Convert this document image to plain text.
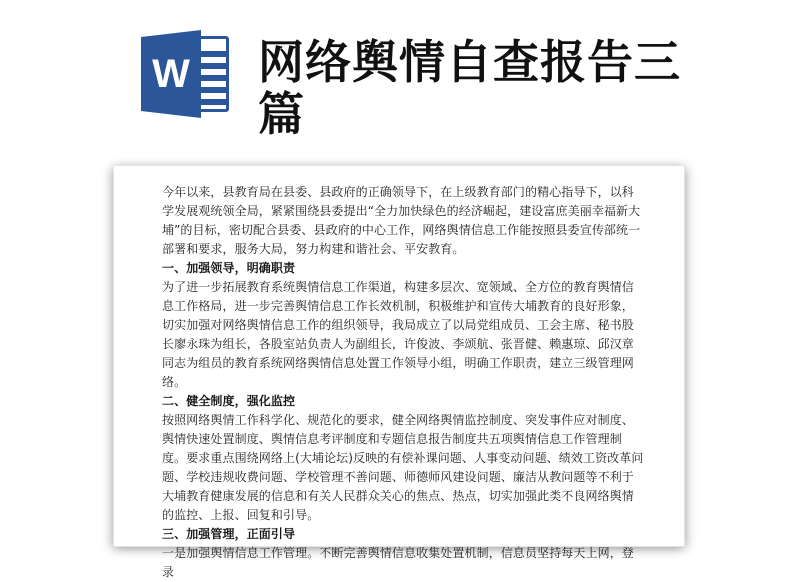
W 网络舆情自查报告三篇

今年以来，县教育局在县委、县政府的正确领导下，在上级教育部门的精心指导下，以科学发展观统领全局，紧紧围绕县委提出“全力加快绿色的经济崛起，建设富庶美丽幸福新大埔”的目标，密切配合县委、县政府的中心工作，网络舆情信息工作能按照县委宣传部统一部署和要求，服务大局，努力构建和谐社会、平安教育。

一、加强领导，明确职责

为了进一步拓展教育系统舆情信息工作渠道，构建多层次、宽领域、全方位的教育舆情信息工作格局，进一步完善舆情信息工作长效机制，积极维护和宣传大埔教育的良好形象，切实加强对网络舆情信息工作的组织领导，我局成立了以局党组成员、工会主席、秘书股长廖永珠为组长，各股室站负责人为副组长，许俊波、李颂航、张晋健、赖惠琼、邱汉章同志为组员的教育系统网络舆情信息处置工作领导小组，明确工作职责，建立三级管理网络。

二、健全制度，强化监控

按照网络舆情工作科学化、规范化的要求，健全网络舆情监控制度、突发事件应对制度、舆情快速处置制度、舆情信息考评制度和专题信息报告制度共五项舆情信息工作管理制度。要求重点围绕网络上(大埔论坛)反映的有偿补课问题、人事变动问题、绩效工资改革问题、学校违规收费问题、学校管理不善问题、师德师风建设问题、廉洁从教问题等不利于大埔教育健康发展的信息和有关人民群众关心的焦点、热点，切实加强此类不良网络舆情的监控、上报、回复和引导。

三、加强管理，正面引导

一是加强舆情信息工作管理。不断完善舆情信息收集处置机制，信息员坚持每天上网，登录
